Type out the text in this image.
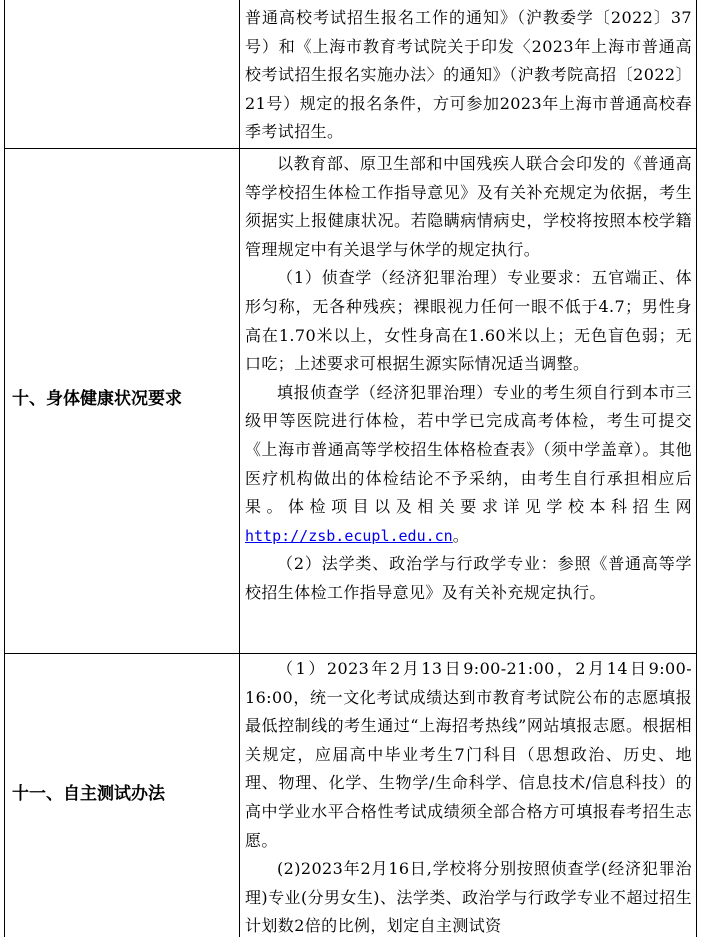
普通高校考试招生报名工作的通知》（沪教委学〔2022〕37号）和《上海市教育考试院关于印发〈2023年上海市普通高校考试招生报名实施办法〉的通知》（沪教考院高招〔2022〕21号）规定的报名条件，方可参加2023年上海市普通高校春季考试招生。

十、身体健康状况要求

以教育部、原卫生部和中国残疾人联合会印发的《普通高等学校招生体检工作指导意见》及有关补充规定为依据，考生须据实上报健康状况。若隐瞒病情病史，学校将按照本校学籍管理规定中有关退学与休学的规定执行。

（1）侦查学（经济犯罪治理）专业要求：五官端正、体形匀称，无各种残疾；裸眼视力任何一眼不低于4.7；男性身高在1.70米以上，女性身高在1.60米以上；无色盲色弱；无口吃；上述要求可根据生源实际情况适当调整。

填报侦查学（经济犯罪治理）专业的考生须自行到本市三级甲等医院进行体检，若中学已完成高考体检，考生可提交《上海市普通高等学校招生体格检查表》（须中学盖章）。其他医疗机构做出的体检结论不予采纳，由考生自行承担相应后果。体检项目以及相关要求详见学校本科招生网http://zsb.ecupl.edu.cn。

（2）法学类、政治学与行政学专业：参照《普通高等学校招生体检工作指导意见》及有关补充规定执行。

十一、自主测试办法

（1）2023年2月13日9:00-21:00，2月14日9:00-16:00，统一文化考试成绩达到市教育考试院公布的志愿填报最低控制线的考生通过“上海招考热线”网站填报志愿。根据相关规定，应届高中毕业考生7门科目（思想政治、历史、地理、物理、化学、生物学/生命科学、信息技术/信息科技）的高中学业水平合格性考试成绩须全部合格方可填报春考招生志愿。

(2)2023年2月16日,学校将分别按照侦查学(经济犯罪治理)专业(分男女生)、法学类、政治学与行政学专业不超过招生计划数2倍的比例，划定自主测试资
